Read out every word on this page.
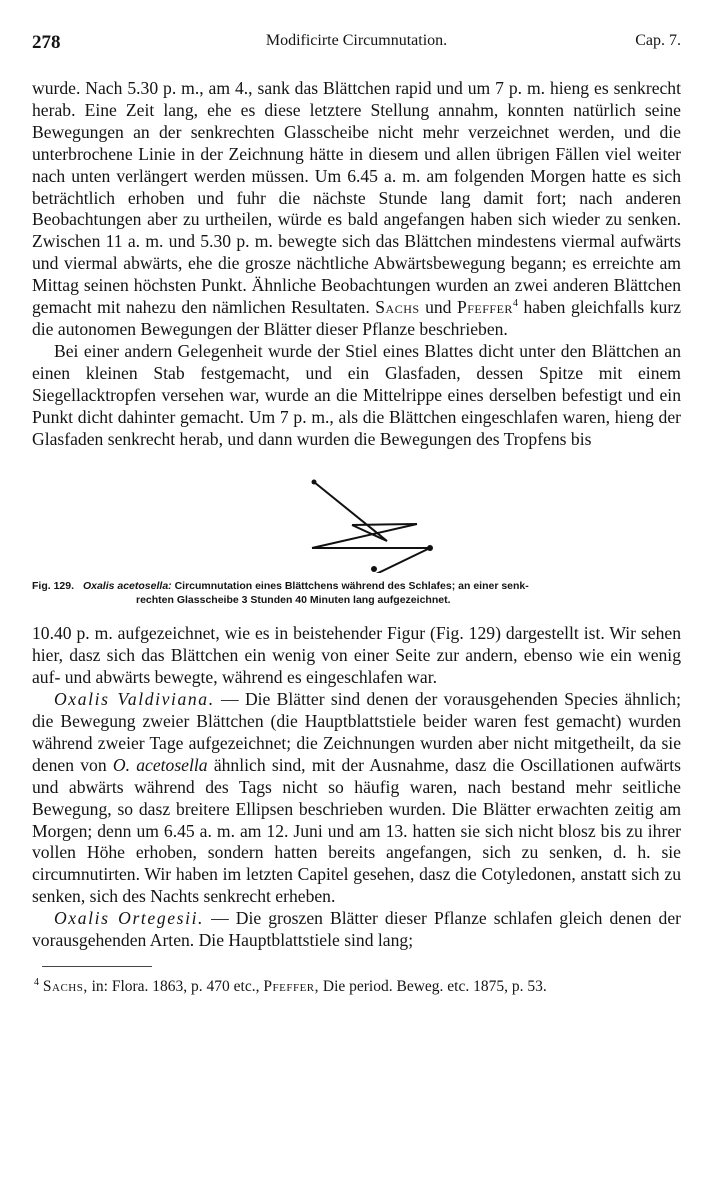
278	Modificirte Circumnutation.	Cap. 7.

wurde. Nach 5.30 p. m., am 4., sank das Blättchen rapid und um 7 p. m. hieng es senkrecht herab. Eine Zeit lang, ehe es diese letztere Stellung annahm, konnten natürlich seine Bewegungen an der senkrechten Glasscheibe nicht mehr verzeichnet werden, und die unterbrochene Linie in der Zeichnung hätte in diesem und allen übrigen Fällen viel weiter nach unten verlängert werden müssen. Um 6.45 a. m. am folgenden Morgen hatte es sich beträchtlich erhoben und fuhr die nächste Stunde lang damit fort; nach anderen Beobachtungen aber zu urtheilen, würde es bald angefangen haben sich wieder zu senken. Zwischen 11 a. m. und 5.30 p. m. bewegte sich das Blättchen mindestens viermal aufwärts und viermal abwärts, ehe die grosze nächtliche Abwärtsbewegung begann; es erreichte am Mittag seinen höchsten Punkt. Ähnliche Beobachtungen wurden an zwei anderen Blättchen gemacht mit nahezu den nämlichen Resultaten. Sachs und Pfeffer$^4$ haben gleichfalls kurz die autonomen Bewegungen der Blätter dieser Pflanze beschrieben.

Bei einer andern Gelegenheit wurde der Stiel eines Blattes dicht unter den Blättchen an einen kleinen Stab festgemacht, und ein Glasfaden, dessen Spitze mit einem Siegellacktropfen versehen war, wurde an die Mittelrippe eines derselben befestigt und ein Punkt dicht dahinter gemacht. Um 7 p. m., als die Blättchen eingeschlafen waren, hieng der Glasfaden senkrecht herab, und dann wurden die Bewegungen des Tropfens bis

Fig. 129. Oxalis acetosella: Circumnutation eines Blättchens während des Schlafes; an einer senk-
rechten Glasscheibe 3 Stunden 40 Minuten lang aufgezeichnet.

10.40 p. m. aufgezeichnet, wie es in beistehender Figur (Fig. 129) dargestellt ist. Wir sehen hier, dasz sich das Blättchen ein wenig von einer Seite zur andern, ebenso wie ein wenig auf- und abwärts bewegte, während es eingeschlafen war.

Oxalis Valdiviana. — Die Blätter sind denen der vorausgehenden Species ähnlich; die Bewegung zweier Blättchen (die Hauptblattstiele beider waren fest gemacht) wurden während zweier Tage aufgezeichnet; die Zeichnungen wurden aber nicht mitgetheilt, da sie denen von O. acetosella ähnlich sind, mit der Ausnahme, dasz die Oscillationen aufwärts und abwärts während des Tags nicht so häufig waren, nach bestand mehr seitliche Bewegung, so dasz breitere Ellipsen beschrieben wurden. Die Blätter erwachten zeitig am Morgen; denn um 6.45 a. m. am 12. Juni und am 13. hatten sie sich nicht blosz bis zu ihrer vollen Höhe erhoben, sondern hatten bereits angefangen, sich zu senken, d. h. sie circumnutirten. Wir haben im letzten Capitel gesehen, dasz die Cotyledonen, anstatt sich zu senken, sich des Nachts senkrecht erheben.

Oxalis Ortegesii. — Die groszen Blätter dieser Pflanze schlafen gleich denen der vorausgehenden Arten. Die Hauptblattstiele sind lang;

$^4$ Sachs, in: Flora. 1863, p. 470 etc., Pfeffer, Die period. Beweg. etc. 1875, p. 53.
